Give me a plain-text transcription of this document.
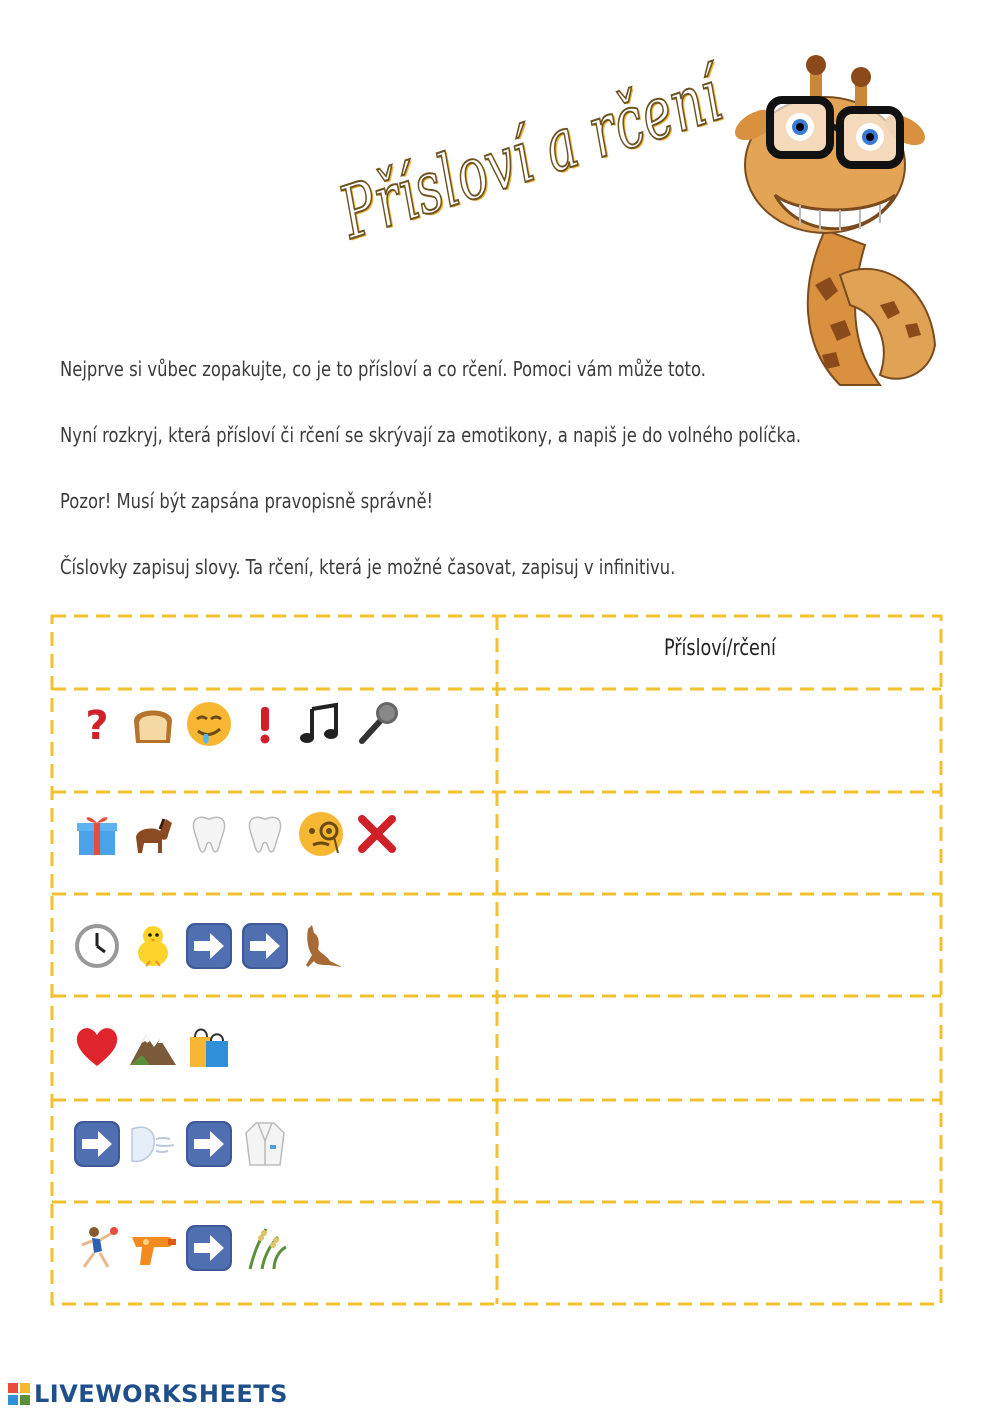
Přísloví a rčení

Nejprve si vůbec zopakujte, co je to přísloví a co rčení. Pomoci vám může toto.

Nyní rozkryj, která přísloví či rčení se skrývají za emotikony, a napiš je do volného políčka.

Pozor! Musí být zapsána pravopisně správně!

Číslovky zapisuj slovy. Ta rčení, která je možné časovat, zapisuj v infinitivu.

Přísloví/rčení
?
LIVEWORKSHEETS
